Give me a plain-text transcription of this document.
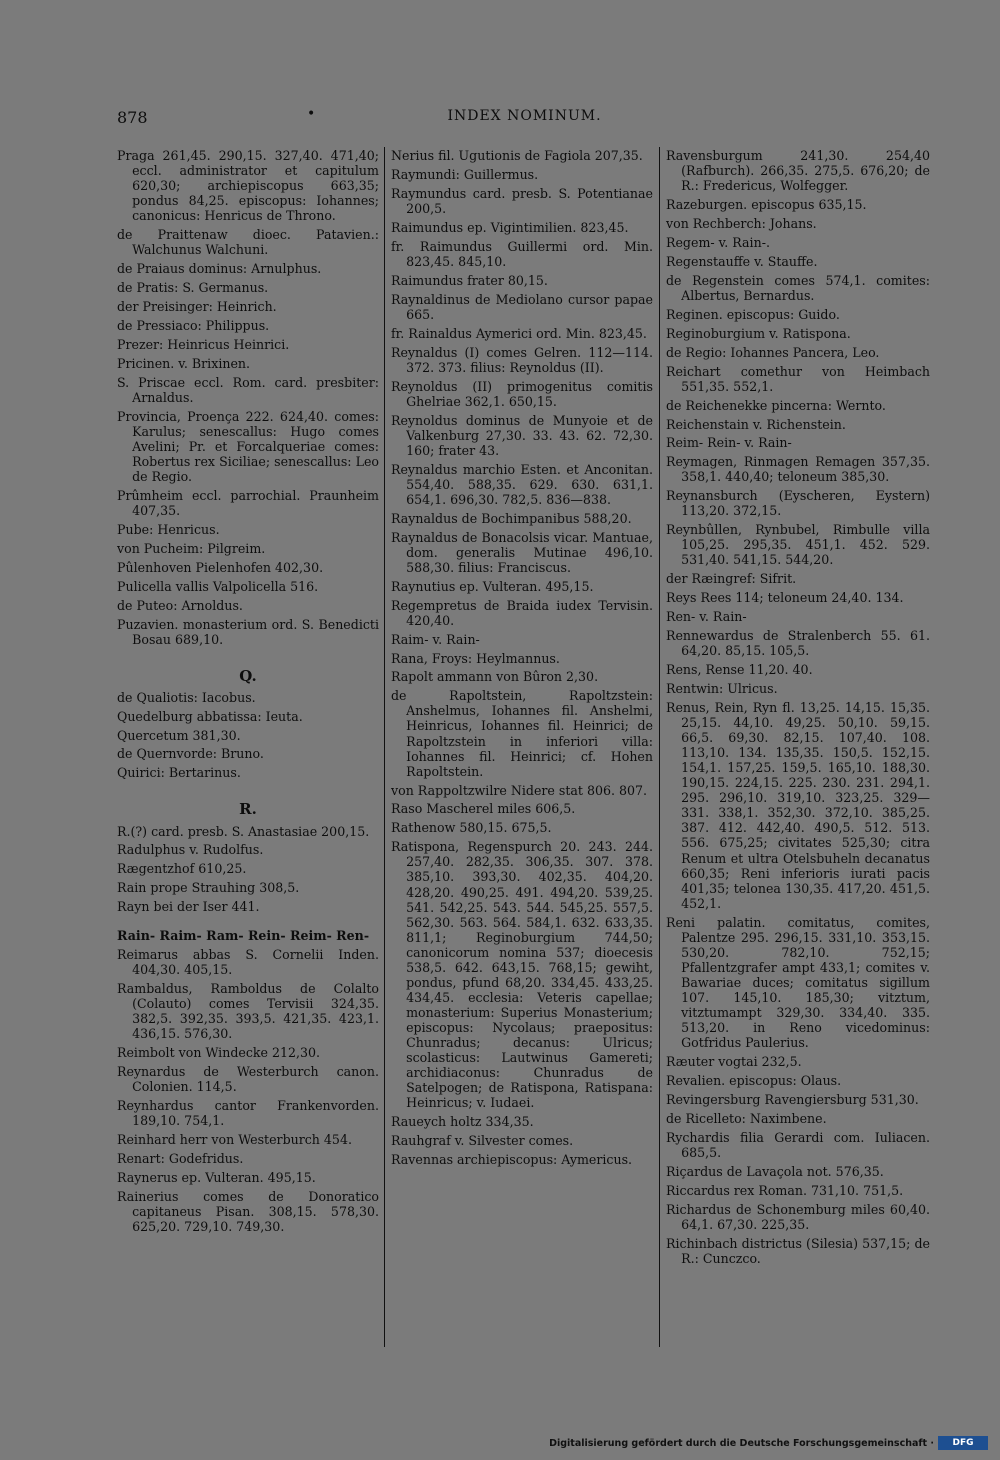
878	•	INDEX NOMINUM.
Praga 261,45. 290,15. 327,40. 471,40; eccl. administrator et capitulum 620,30; archiepiscopus 663,35; pondus 84,25. episcopus: Iohannes; canonicus: Henricus de Throno.
de Praittenaw dioec. Patavien.: Walchunus Walchuni.
de Praiaus dominus: Arnulphus.
de Pratis: S. Germanus.
der Preisinger: Heinrich.
de Pressiaco: Philippus.
Prezer: Heinricus Heinrici.
Pricinen. v. Brixinen.
S. Priscae eccl. Rom. card. presbiter: Arnaldus.
Provincia, Proença 222. 624,40. comes: Karulus; senescallus: Hugo comes Avelini; Pr. et Forcalqueriae comes: Robertus rex Siciliae; senescallus: Leo de Regio.
Prûmheim eccl. parrochial. Praunheim 407,35.
Pube: Henricus.
von Pucheim: Pilgreim.
Pûlenhoven Pielenhofen 402,30.
Pulicella vallis Valpolicella 516.
de Puteo: Arnoldus.
Puzavien. monasterium ord. S. Benedicti Bosau 689,10.
Q.
de Qualiotis: Iacobus.
Quedelburg abbatissa: Ieuta.
Quercetum 381,30.
de Quernvorde: Bruno.
Quirici: Bertarinus.
R.
R.(?) card. presb. S. Anastasiae 200,15.
Radulphus v. Rudolfus.
Rægentzhof 610,25.
Rain prope Strauhing 308,5.
Rayn bei der Iser 441.
Rain- Raim- Ram- Rein- Reim- Ren-
Reimarus abbas S. Cornelii Inden. 404,30. 405,15.
Rambaldus, Ramboldus de Colalto (Colauto) comes Tervisii 324,35. 382,5. 392,35. 393,5. 421,35. 423,1. 436,15. 576,30.
Reimbolt von Windecke 212,30.
Reynardus de Westerburch canon. Colonien. 114,5.
Reynhardus cantor Frankenvorden. 189,10. 754,1.
Reinhard herr von Westerburch 454.
Renart: Godefridus.
Raynerus ep. Vulteran. 495,15.
Rainerius comes de Donoratico capitaneus Pisan. 308,15. 578,30. 625,20. 729,10. 749,30.
Nerius fil. Ugutionis de Fagiola 207,35.
Raymundi: Guillermus.
Raymundus card. presb. S. Potentianae 200,5.
Raimundus ep. Vigintimilien. 823,45.
fr. Raimundus Guillermi ord. Min. 823,45. 845,10.
Raimundus frater 80,15.
Raynaldinus de Mediolano cursor papae 665.
fr. Rainaldus Aymerici ord. Min. 823,45.
Reynaldus (I) comes Gelren. 112—114. 372. 373. filius: Reynoldus (II).
Reynoldus (II) primogenitus comitis Ghelriae 362,1. 650,15.
Reynoldus dominus de Munyoie et de Valkenburg 27,30. 33. 43. 62. 72,30. 160; frater 43.
Reynaldus marchio Esten. et Anconitan. 554,40. 588,35. 629. 630. 631,1. 654,1. 696,30. 782,5. 836—838.
Raynaldus de Bochimpanibus 588,20.
Raynaldus de Bonacolsis vicar. Mantuae, dom. generalis Mutinae 496,10. 588,30. filius: Franciscus.
Raynutius ep. Vulteran. 495,15.
Regempretus de Braida iudex Tervisin. 420,40.
Raim- v. Rain-
Rana, Froys: Heylmannus.
Rapolt ammann von Bûron 2,30.
de Rapoltstein, Rapoltzstein: Anshelmus, Iohannes fil. Anshelmi, Heinricus, Iohannes fil. Heinrici; de Rapoltzstein in inferiori villa: Iohannes fil. Heinrici; cf. Hohen Rapoltstein.
von Rappoltzwilre Nidere stat 806. 807.
Raso Mascherel miles 606,5.
Rathenow 580,15. 675,5.
Ratispona, Regenspurch 20. 243. 244. 257,40. 282,35. 306,35. 307. 378. 385,10. 393,30. 402,35. 404,20. 428,20. 490,25. 491. 494,20. 539,25. 541. 542,25. 543. 544. 545,25. 557,5. 562,30. 563. 564. 584,1. 632. 633,35. 811,1; Reginoburgium 744,50; canonicorum nomina 537; dioecesis 538,5. 642. 643,15. 768,15; gewiht, pondus, pfund 68,20. 334,45. 433,25. 434,45. ecclesia: Veteris capellae; monasterium: Superius Monasterium; episcopus: Nycolaus; praepositus: Chunradus; decanus: Ulricus; scolasticus: Lautwinus Gamereti; archidiaconus: Chunradus de Satelpogen; de Ratispona, Ratispana: Heinricus; v. Iudaei.
Raueych holtz 334,35.
Rauhgraf v. Silvester comes.
Ravennas archiepiscopus: Aymericus.
Ravensburgum 241,30. 254,40 (Rafburch). 266,35. 275,5. 676,20; de R.: Fredericus, Wolfegger.
Razeburgen. episcopus 635,15.
von Rechberch: Johans.
Regem- v. Rain-.
Regenstauffe v. Stauffe.
de Regenstein comes 574,1. comites: Albertus, Bernardus.
Reginen. episcopus: Guido.
Reginoburgium v. Ratispona.
de Regio: Iohannes Pancera, Leo.
Reichart comethur von Heimbach 551,35. 552,1.
de Reichenekke pincerna: Wernto.
Reichenstain v. Richenstein.
Reim- Rein- v. Rain-
Reymagen, Rinmagen Remagen 357,35. 358,1. 440,40; teloneum 385,30.
Reynansburch (Eyscheren, Eystern) 113,20. 372,15.
Reynbûllen, Rynbubel, Rimbulle villa 105,25. 295,35. 451,1. 452. 529. 531,40. 541,15. 544,20.
der Ræingref: Sifrit.
Reys Rees 114; teloneum 24,40. 134.
Ren- v. Rain-
Rennewardus de Stralenberch 55. 61. 64,20. 85,15. 105,5.
Rens, Rense 11,20. 40.
Rentwin: Ulricus.
Renus, Rein, Ryn fl. 13,25. 14,15. 15,35. 25,15. 44,10. 49,25. 50,10. 59,15. 66,5. 69,30. 82,15. 107,40. 108. 113,10. 134. 135,35. 150,5. 152,15. 154,1. 157,25. 159,5. 165,10. 188,30. 190,15. 224,15. 225. 230. 231. 294,1. 295. 296,10. 319,10. 323,25. 329—331. 338,1. 352,30. 372,10. 385,25. 387. 412. 442,40. 490,5. 512. 513. 556. 675,25; civitates 525,30; citra Renum et ultra Otelsbuheln decanatus 660,35; Reni inferioris iurati pacis 401,35; telonea 130,35. 417,20. 451,5. 452,1.
Reni palatin. comitatus, comites, Palentze 295. 296,15. 331,10. 353,15. 530,20. 782,10. 752,15; Pfallentzgrafer ampt 433,1; comites v. Bawariae duces; comitatus sigillum 107. 145,10. 185,30; vitztum, vitztumampt 329,30. 334,40. 335. 513,20. in Reno vicedominus: Gotfridus Paulerius.
Ræuter vogtai 232,5.
Revalien. episcopus: Olaus.
Revingersburg Ravengiersburg 531,30.
de Ricelleto: Naximbene.
Rychardis filia Gerardi com. Iuliacen. 685,5.
Riçardus de Lavaçola not. 576,35.
Riccardus rex Roman. 731,10. 751,5.
Richardus de Schonemburg miles 60,40. 64,1. 67,30. 225,35.
Richinbach districtus (Silesia) 537,15; de R.: Cunczco.
Digitalisierung gefördert durch die Deutsche Forschungsgemeinschaft ·	DFG
